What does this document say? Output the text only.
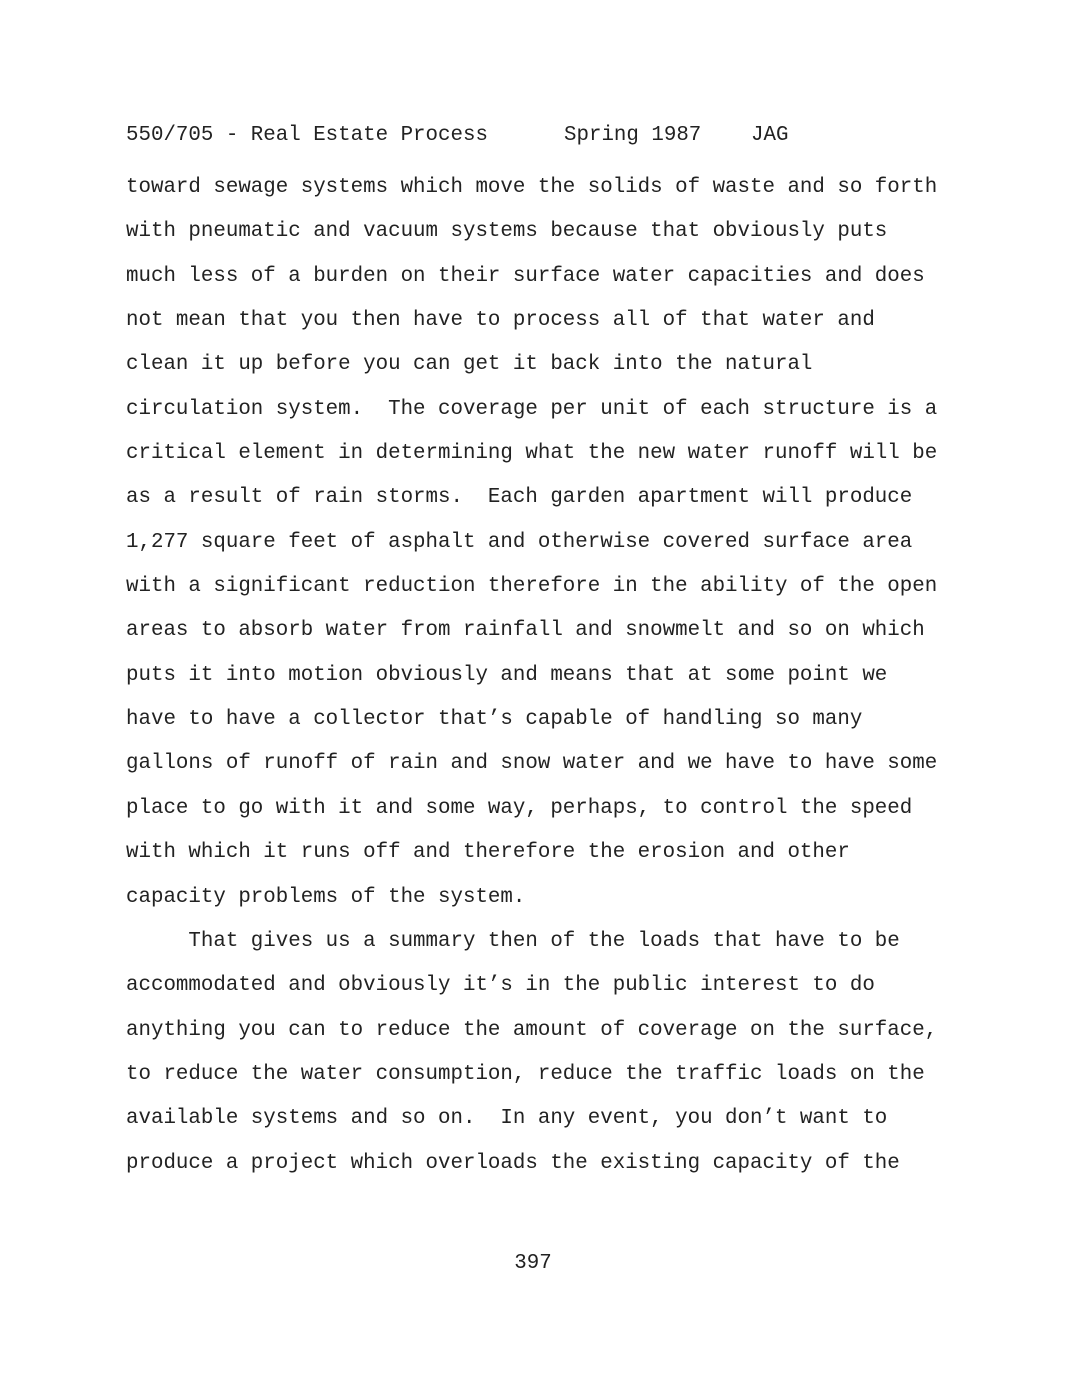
550/705 - Real Estate Process	Spring 1987 JAG
toward sewage systems which move the solids of waste and so forth
with pneumatic and vacuum systems because that obviously puts
much less of a burden on their surface water capacities and does
not mean that you then have to process all of that water and
clean it up before you can get it back into the natural
circulation system.  The coverage per unit of each structure is a
critical element in determining what the new water runoff will be
as a result of rain storms.  Each garden apartment will produce
1,277 square feet of asphalt and otherwise covered surface area
with a significant reduction therefore in the ability of the open
areas to absorb water from rainfall and snowmelt and so on which
puts it into motion obviously and means that at some point we
have to have a collector that’s capable of handling so many
gallons of runoff of rain and snow water and we have to have some
place to go with it and some way, perhaps, to control the speed
with which it runs off and therefore the erosion and other
capacity problems of the system.
That gives us a summary then of the loads that have to be
accommodated and obviously it’s in the public interest to do
anything you can to reduce the amount of coverage on the surface,
to reduce the water consumption, reduce the traffic loads on the
available systems and so on.  In any event, you don’t want to
produce a project which overloads the existing capacity of the
397
